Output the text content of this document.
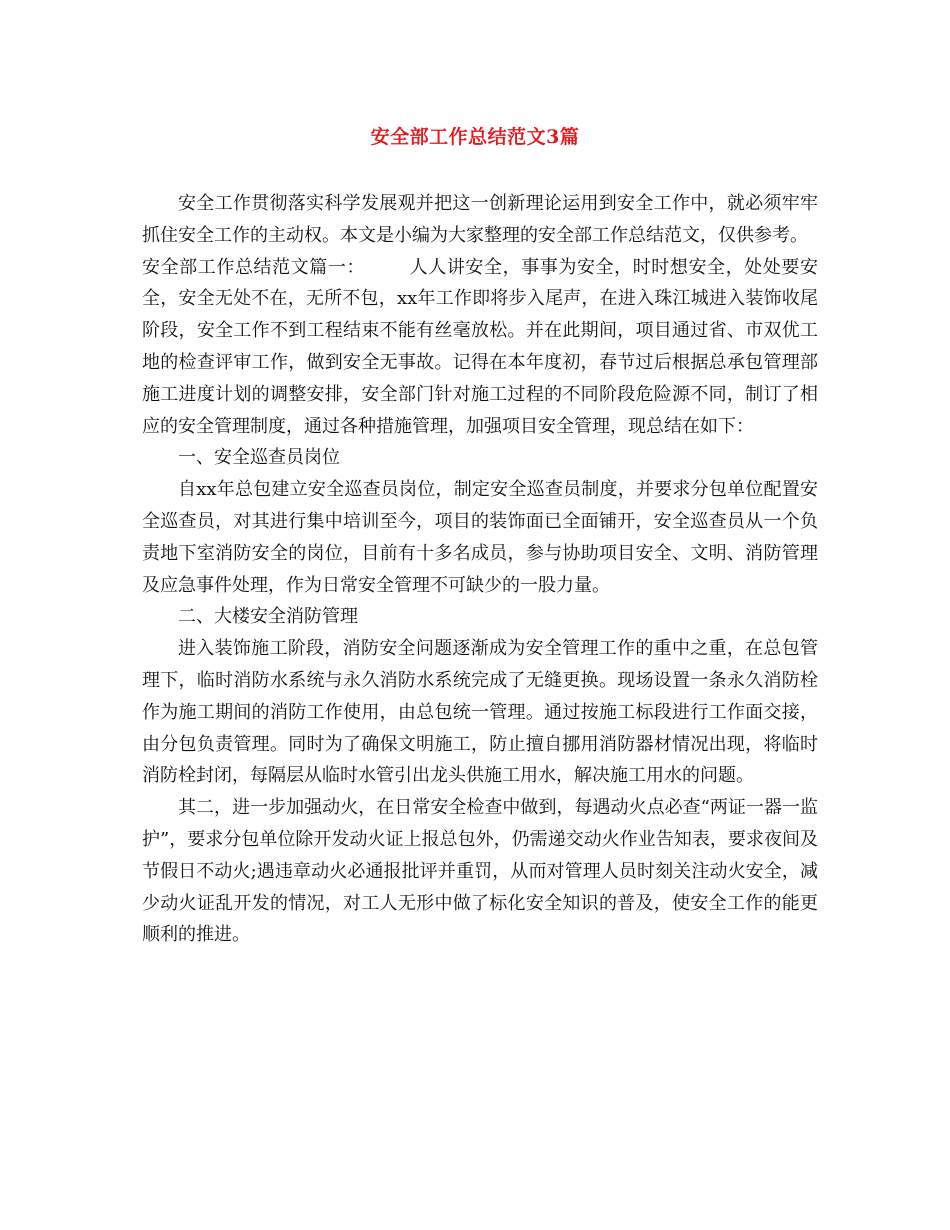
安全部工作总结范文3篇

安全工作贯彻落实科学发展观并把这一创新理论运用到安全工作中，就必须牢牢抓住安全工作的主动权。本文是小编为大家整理的安全部工作总结范文，仅供参考。

安全部工作总结范文篇一： 人人讲安全，事事为安全，时时想安全，处处要安全，安全无处不在，无所不包，xx年工作即将步入尾声，在进入珠江城进入装饰收尾阶段，安全工作不到工程结束不能有丝毫放松。并在此期间，项目通过省、市双优工地的检查评审工作，做到安全无事故。记得在本年度初，春节过后根据总承包管理部施工进度计划的调整安排，安全部门针对施工过程的不同阶段危险源不同，制订了相应的安全管理制度，通过各种措施管理，加强项目安全管理，现总结在如下：

一、安全巡查员岗位

自xx年总包建立安全巡查员岗位，制定安全巡查员制度，并要求分包单位配置安全巡查员，对其进行集中培训至今，项目的装饰面已全面铺开，安全巡查员从一个负责地下室消防安全的岗位，目前有十多名成员，参与协助项目安全、文明、消防管理及应急事件处理，作为日常安全管理不可缺少的一股力量。

二、大楼安全消防管理

进入装饰施工阶段，消防安全问题逐渐成为安全管理工作的重中之重，在总包管理下，临时消防水系统与永久消防水系统完成了无缝更换。现场设置一条永久消防栓作为施工期间的消防工作使用，由总包统一管理。通过按施工标段进行工作面交接，由分包负责管理。同时为了确保文明施工，防止擅自挪用消防器材情况出现，将临时消防栓封闭，每隔层从临时水管引出龙头供施工用水，解决施工用水的问题。

其二，进一步加强动火，在日常安全检查中做到，每遇动火点必查“两证一器一监护”，要求分包单位除开发动火证上报总包外，仍需递交动火作业告知表，要求夜间及节假日不动火;遇违章动火必通报批评并重罚，从而对管理人员时刻关注动火安全，减少动火证乱开发的情况，对工人无形中做了标化安全知识的普及，使安全工作的能更顺利的推进。
